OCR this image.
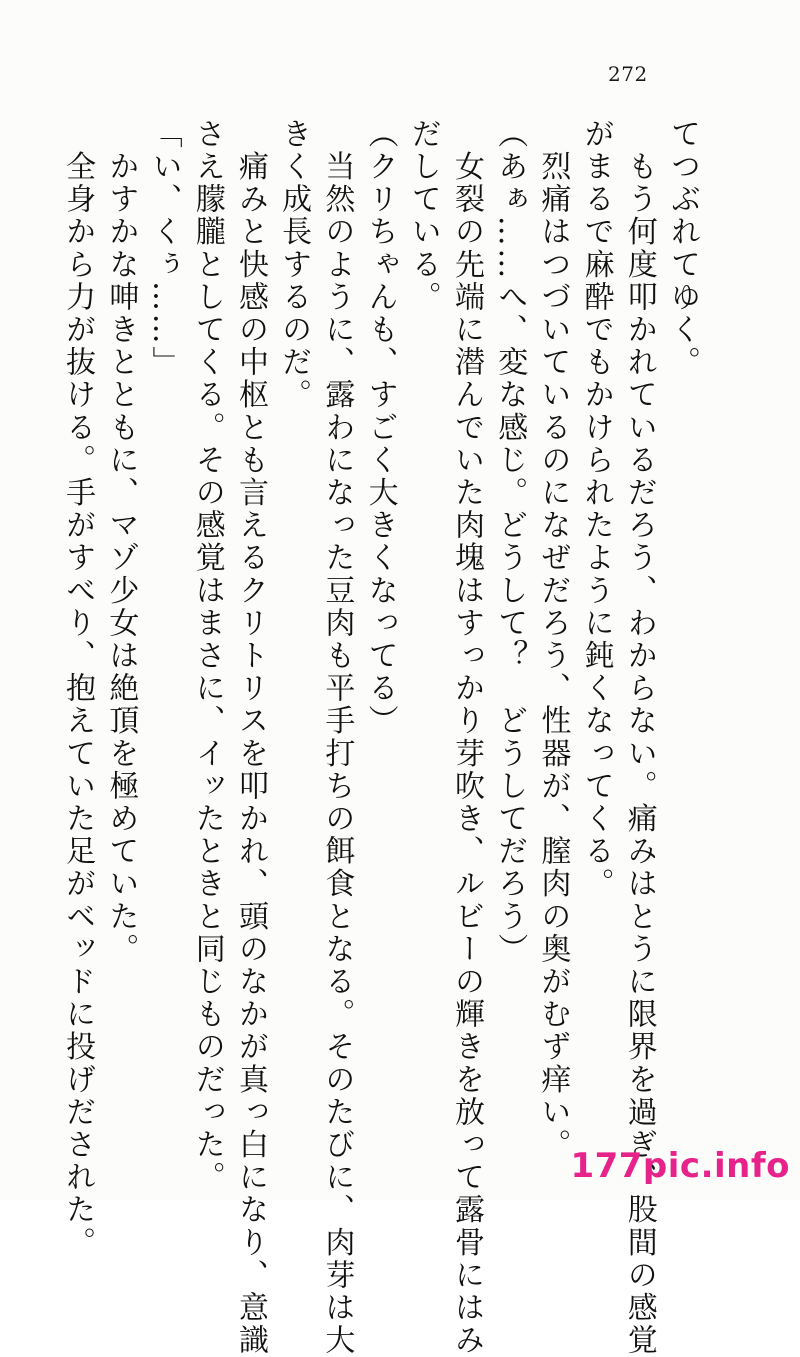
272
てつぶれてゆく。
　もう何度叩かれているだろう、わからない。痛みはとうに限界を過ぎ、股間の感覚
がまるで麻酔でもかけられたように鈍くなってくる。
　烈痛はつづいているのになぜだろう、性器が、膣肉の奥がむず痒い。
（あぁ……へ、変な感じ。どうして？　どうしてだろう）
　女裂の先端に潜んでいた肉塊はすっかり芽吹き、ルビーの輝きを放って露骨にはみ
だしている。
（クリちゃんも、すごく大きくなってる）
　当然のように、露わになった豆肉も平手打ちの餌食となる。そのたびに、肉芽は大
きく成長するのだ。
　痛みと快感の中枢とも言えるクリトリスを叩かれ、頭のなかが真っ白になり、意識
さえ朦朧としてくる。その感覚はまさに、イッたときと同じものだった。
「い、くぅ……」
　かすかな呻きとともに、マゾ少女は絶頂を極めていた。
　全身から力が抜ける。手がすべり、抱えていた足がベッドに投げだされた。	177pic.info
